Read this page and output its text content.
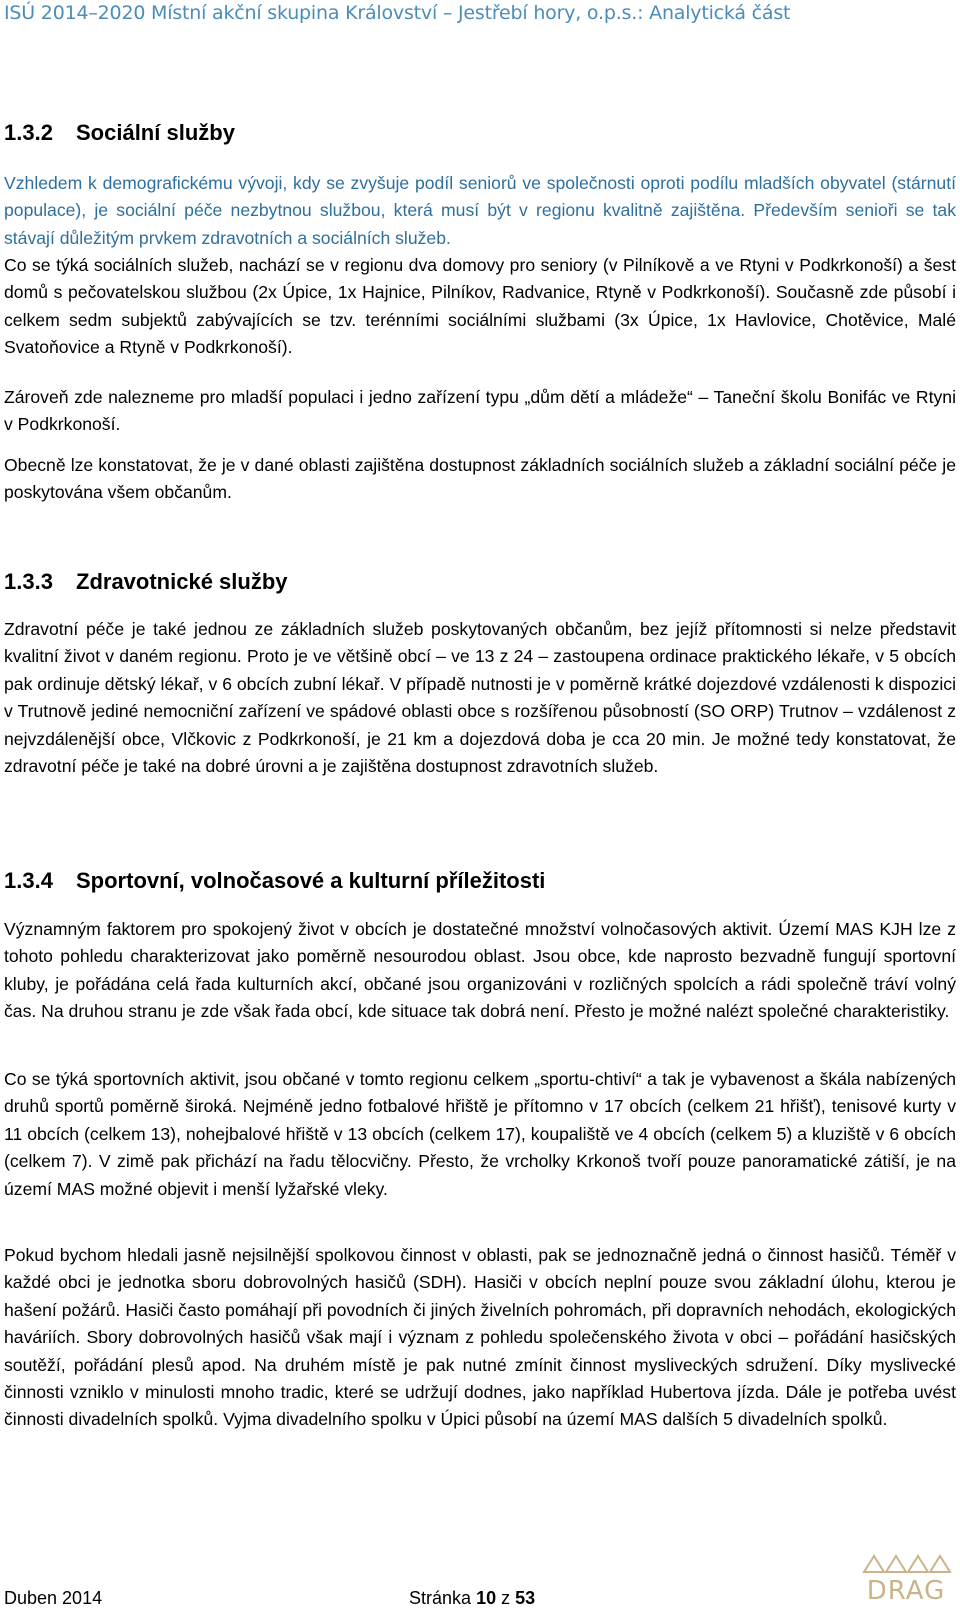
ISÚ 2014–2020 Místní akční skupina Království – Jestřebí hory, o.p.s.: Analytická část
1.3.2 Sociální služby

Vzhledem k demografickému vývoji, kdy se zvyšuje podíl seniorů ve společnosti oproti podílu mladších obyvatel (stárnutí populace), je sociální péče nezbytnou službou, která musí být v regionu kvalitně zajištěna. Především senioři se tak stávají důležitým prvkem zdravotních a sociálních služeb.

Co se týká sociálních služeb, nachází se v regionu dva domovy pro seniory (v Pilníkově a ve Rtyni v Podkrkonoší) a šest domů s pečovatelskou službou (2x Úpice, 1x Hajnice, Pilníkov, Radvanice, Rtyně v Podkrkonoší). Současně zde působí i celkem sedm subjektů zabývajících se tzv. terénními sociálními službami (3x Úpice, 1x Havlovice, Chotěvice, Malé Svatoňovice a Rtyně v Podkrkonoší).

Zároveň zde nalezneme pro mladší populaci i jedno zařízení typu „dům dětí a mládeže“ – Taneční školu Bonifác ve Rtyni v Podkrkonoší.

Obecně lze konstatovat, že je v dané oblasti zajištěna dostupnost základních sociálních služeb a základní sociální péče je poskytována všem občanům.

1.3.3 Zdravotnické služby

Zdravotní péče je také jednou ze základních služeb poskytovaných občanům, bez jejíž přítomnosti si nelze představit kvalitní život v daném regionu. Proto je ve většině obcí – ve 13 z 24 – zastoupena ordinace praktického lékaře, v 5 obcích pak ordinuje dětský lékař, v 6 obcích zubní lékař. V případě nutnosti je v poměrně krátké dojezdové vzdálenosti k dispozici v Trutnově jediné nemocniční zařízení ve spádové oblasti obce s rozšířenou působností (SO ORP) Trutnov – vzdálenost z nejvzdálenější obce, Vlčkovic z Podkrkonoší, je 21 km a dojezdová doba je cca 20 min. Je možné tedy konstatovat, že zdravotní péče je také na dobré úrovni a je zajištěna dostupnost zdravotních služeb.

1.3.4 Sportovní, volnočasové a kulturní příležitosti

Významným faktorem pro spokojený život v obcích je dostatečné množství volnočasových aktivit. Území MAS KJH lze z tohoto pohledu charakterizovat jako poměrně nesourodou oblast. Jsou obce, kde naprosto bezvadně fungují sportovní kluby, je pořádána celá řada kulturních akcí, občané jsou organizováni v rozličných spolcích a rádi společně tráví volný čas. Na druhou stranu je zde však řada obcí, kde situace tak dobrá není. Přesto je možné nalézt společné charakteristiky.

Co se týká sportovních aktivit, jsou občané v tomto regionu celkem „sportu-chtiví“ a tak je vybavenost a škála nabízených druhů sportů poměrně široká. Nejméně jedno fotbalové hřiště je přítomno v 17 obcích (celkem 21 hřišť), tenisové kurty v 11 obcích (celkem 13), nohejbalové hřiště v 13 obcích (celkem 17), koupaliště ve 4 obcích (celkem 5) a kluziště v 6 obcích (celkem 7). V zimě pak přichází na řadu tělocvičny. Přesto, že vrcholky Krkonoš tvoří pouze panoramatické zátiší, je na území MAS možné objevit i menší lyžařské vleky.

Pokud bychom hledali jasně nejsilnější spolkovou činnost v oblasti, pak se jednoznačně jedná o činnost hasičů. Téměř v každé obci je jednotka sboru dobrovolných hasičů (SDH). Hasiči v obcích neplní pouze svou základní úlohu, kterou je hašení požárů. Hasiči často pomáhají při povodních či jiných živelních pohromách, při dopravních nehodách, ekologických haváriích. Sbory dobrovolných hasičů však mají i význam z pohledu společenského života v obci – pořádání hasičských soutěží, pořádání plesů apod. Na druhém místě je pak nutné zmínit činnost mysliveckých sdružení. Díky myslivecké činnosti vzniklo v minulosti mnoho tradic, které se udržují dodnes, jako například Hubertova jízda. Dále je potřeba uvést činnosti divadelních spolků. Vyjma divadelního spolku v Úpici působí na území MAS dalších 5 divadelních spolků.

Duben 2014	Stránka 10 z 53	DRAG
